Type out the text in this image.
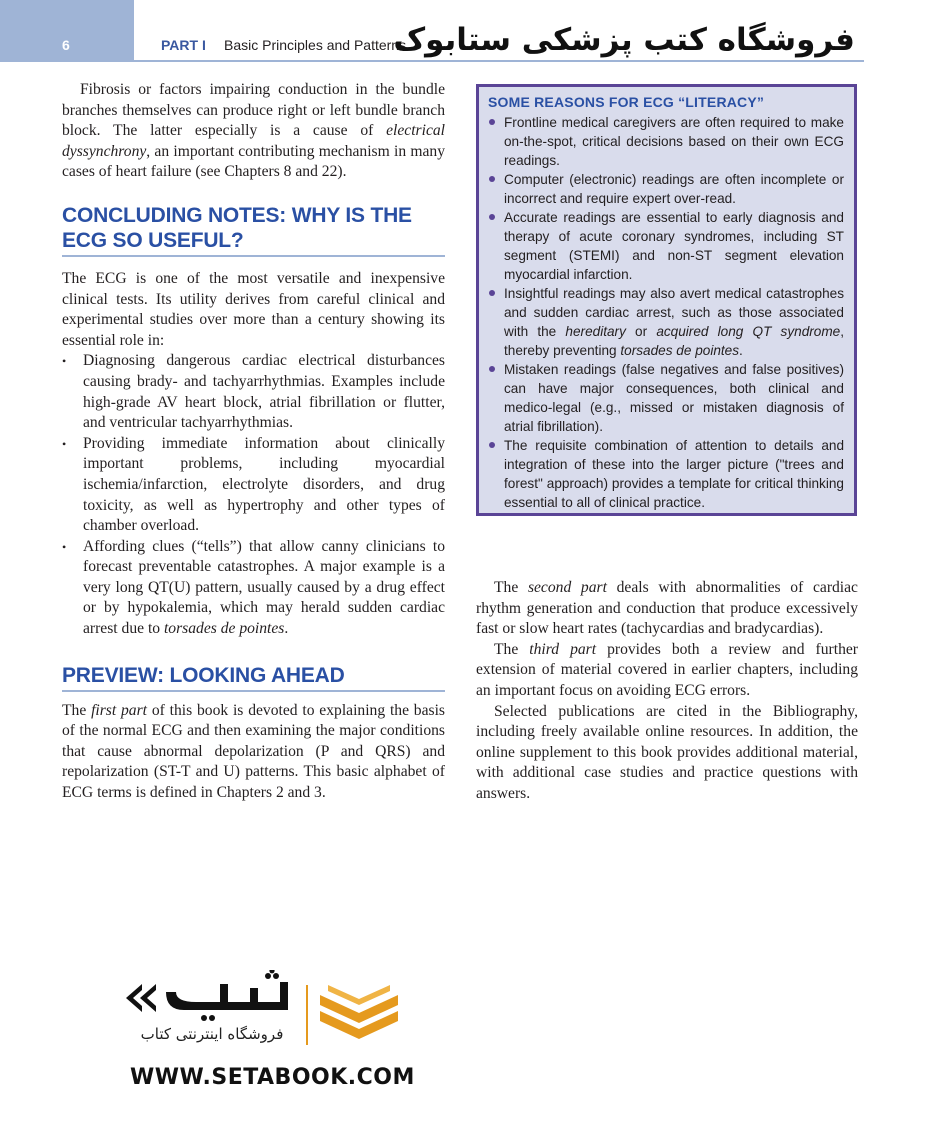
6	PART I Basic Principles and Patterns
فروشگاه کتب پزشکی ستابوک

Fibrosis or factors impairing conduction in the bundle branches themselves can produce right or left bundle branch block. The latter especially is a cause of electrical dyssynchrony, an important contributing mechanism in many cases of heart failure (see Chapters 8 and 22).

CONCLUDING NOTES: WHY IS THE ECG SO USEFUL?

The ECG is one of the most versatile and inexpensive clinical tests. Its utility derives from careful clinical and experimental studies over more than a century showing its essential role in:

• Diagnosing dangerous cardiac electrical disturbances causing brady- and tachyarrhythmias. Examples include high-grade AV heart block, atrial fibrillation or flutter, and ventricular tachyarrhythmias.
• Providing immediate information about clinically important problems, including myocardial ischemia/infarction, electrolyte disorders, and drug toxicity, as well as hypertrophy and other types of chamber overload.
• Affording clues (“tells”) that allow canny clinicians to forecast preventable catastrophes. A major example is a very long QT(U) pattern, usually caused by a drug effect or by hypokalemia, which may herald sudden cardiac arrest due to torsades de pointes.
PREVIEW: LOOKING AHEAD

The first part of this book is devoted to explaining the basis of the normal ECG and then examining the major conditions that cause abnormal depolarization (P and QRS) and repolarization (ST-T and U) patterns. This basic alphabet of ECG terms is defined in Chapters 2 and 3.

SOME REASONS FOR ECG “LITERACY”
Frontline medical caregivers are often required to make on-the-spot, critical decisions based on their own ECG readings.
Computer (electronic) readings are often incomplete or incorrect and require expert over-read.
Accurate readings are essential to early diagnosis and therapy of acute coronary syndromes, including ST segment (STEMI) and non-ST segment elevation myocardial infarction.
Insightful readings may also avert medical catastrophes and sudden cardiac arrest, such as those associated with the hereditary or acquired long QT syndrome, thereby preventing torsades de pointes.
Mistaken readings (false negatives and false positives) can have major consequences, both clinical and medico-legal (e.g., missed or mistaken diagnosis of atrial fibrillation).
The requisite combination of attention to details and integration of these into the larger picture ("trees and forest" approach) provides a template for critical thinking essential to all of clinical practice.

The second part deals with abnormalities of cardiac rhythm generation and conduction that produce excessively fast or slow heart rates (tachycardias and bradycardias).

The third part provides both a review and further extension of material covered in earlier chapters, including an important focus on avoiding ECG errors.

Selected publications are cited in the Bibliography, including freely available online resources. In addition, the online supplement to this book provides additional material, with additional case studies and practice questions with answers.

فروشگاه اینترنتی کتاب
WWW.SETABOOK.COM
